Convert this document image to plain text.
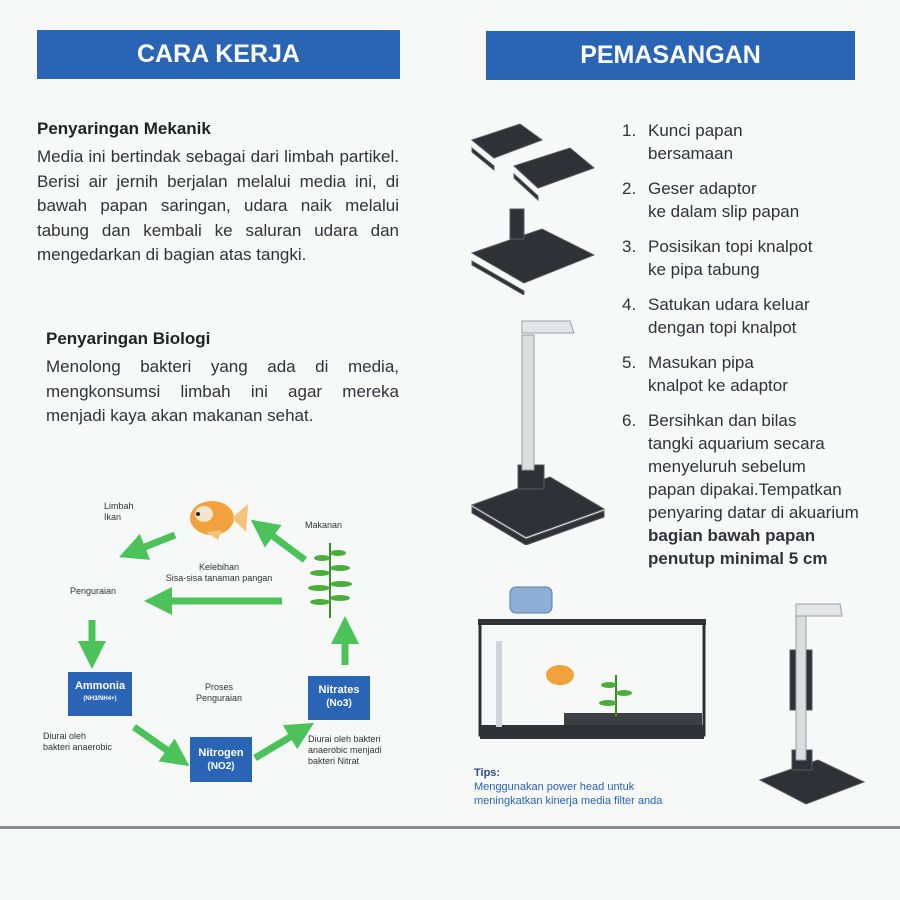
CARA KERJA	PEMASANGAN
Penyaringan Mekanik
Media ini bertindak sebagai dari limbah partikel. Berisi air jernih berjalan melalui media ini, di bawah papan saringan, udara naik melalui tabung dan kembali ke saluran udara dan mengedarkan di bagian atas tangki.
Penyaringan Biologi
Menolong bakteri yang ada di media, mengkonsumsi limbah ini agar mereka menjadi kaya akan makanan sehat.
Limbah
Ikan
Makanan
Kelebihan
Sisa-sisa tanaman pangan
Penguraian
Proses
Penguraian
Diurai oleh
bakteri anaerobic
Diurai oleh bakteri
anaerobic menjadi
bakteri Nitrat
Ammonia
(NH3/NH4+)
Nitrogen
(NO2)
Nitrates
(No3)
1. Kunci papan
bersamaan
2. Geser adaptor
ke dalam slip papan
3. Posisikan topi knalpot
ke pipa tabung
4. Satukan udara keluar
dengan topi knalpot
5. Masukan pipa
knalpot ke adaptor
6. Bersihkan dan bilas
tangki aquarium secara
menyeluruh sebelum
papan dipakai.Tempatkan
penyaring datar di akuarium
bagian bawah papan
penutup minimal 5 cm
Tips:
Menggunakan power head untuk
meningkatkan kinerja media filter anda
